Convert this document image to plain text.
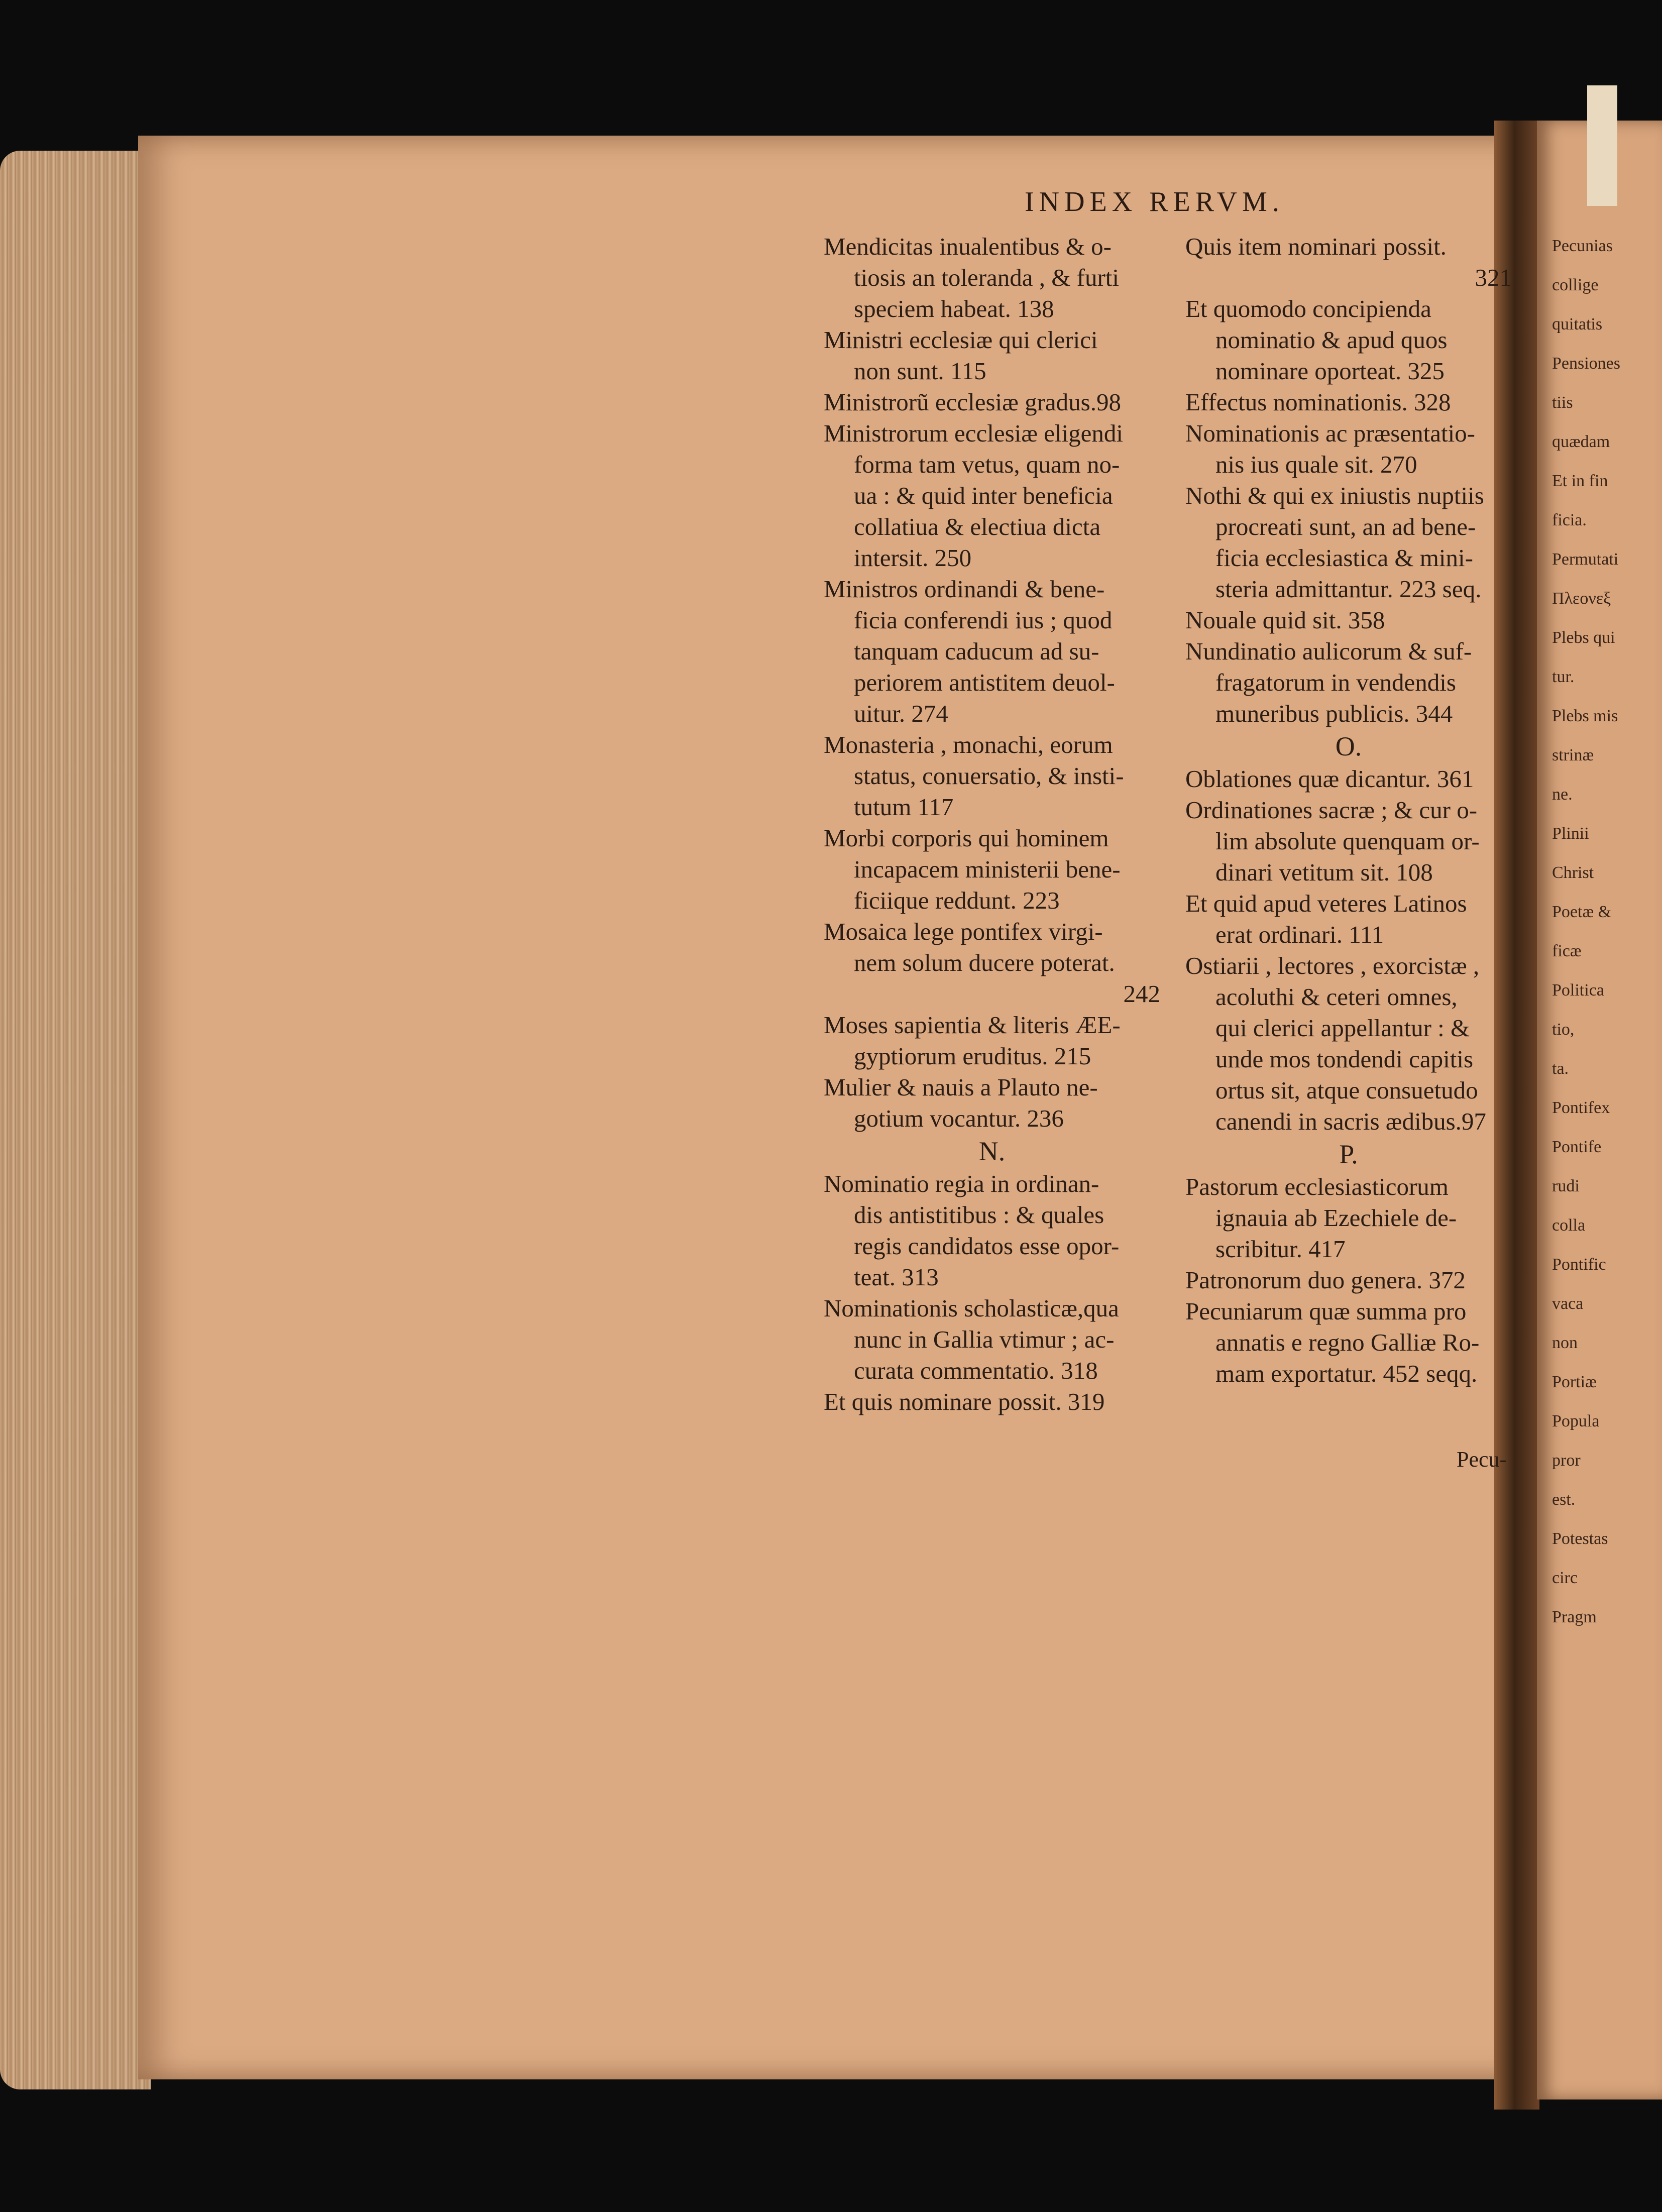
Pecunias
collige
quitatis
Pensiones
tiis
quædam
Et in fin
ficia.
Permutati
Πλεονεξ
Plebs qui
tur.
Plebs mis
strinæ
ne.
Plinii
Christ
Poetæ &
ficæ
Politica
tio,
ta.
Pontifex
Pontife
rudi
colla
Pontific
vaca
non
Portiæ
Popula
pror
est.
Potestas
circ
Pragm
INDEX RERVM.

Mendicitas inualentibus & o-
tiosis an toleranda , & furti
speciem habeat. 138

Ministri ecclesiæ qui clerici
non sunt. 115

Ministrorũ ecclesiæ gradus.98

Ministrorum ecclesiæ eligendi
forma tam vetus, quam no-
ua : & quid inter beneficia
collatiua & electiua dicta
intersit. 250

Ministros ordinandi & bene-
ficia conferendi ius ; quod
tanquam caducum ad su-
periorem antistitem deuol-
uitur. 274

Monasteria , monachi, eorum
status, conuersatio, & insti-
tutum 117

Morbi corporis qui hominem
incapacem ministerii bene-
ficiique reddunt. 223

Mosaica lege pontifex virgi-
nem solum ducere poterat.
242

Moses sapientia & literis ÆE-
gyptiorum eruditus. 215

Mulier & nauis a Plauto ne-
gotium vocantur. 236

N.

Nominatio regia in ordinan-
dis antistitibus : & quales
regis candidatos esse opor-
teat. 313

Nominationis scholasticæ,qua
nunc in Gallia vtimur ; ac-
curata commentatio. 318

Et quis nominare possit. 319

Quis item nominari possit.
321

Et quomodo concipienda
nominatio & apud quos
nominare oporteat. 325

Effectus nominationis. 328

Nominationis ac præsentatio-
nis ius quale sit. 270

Nothi & qui ex iniustis nuptiis
procreati sunt, an ad bene-
ficia ecclesiastica & mini-
steria admittantur. 223 seq.

Nouale quid sit. 358

Nundinatio aulicorum & suf-
fragatorum in vendendis
muneribus publicis. 344

O.

Oblationes quæ dicantur. 361

Ordinationes sacræ ; & cur o-
lim absolute quenquam or-
dinari vetitum sit. 108

Et quid apud veteres Latinos
erat ordinari. 111

Ostiarii , lectores , exorcistæ ,
acoluthi & ceteri omnes,
qui clerici appellantur : &
unde mos tondendi capitis
ortus sit, atque consuetudo
canendi in sacris ædibus.97

P.

Pastorum ecclesiasticorum
ignauia ab Ezechiele de-
scribitur. 417

Patronorum duo genera. 372

Pecuniarum quæ summa pro
annatis e regno Galliæ Ro-
mam exportatur. 452 seqq.

Pecu-
